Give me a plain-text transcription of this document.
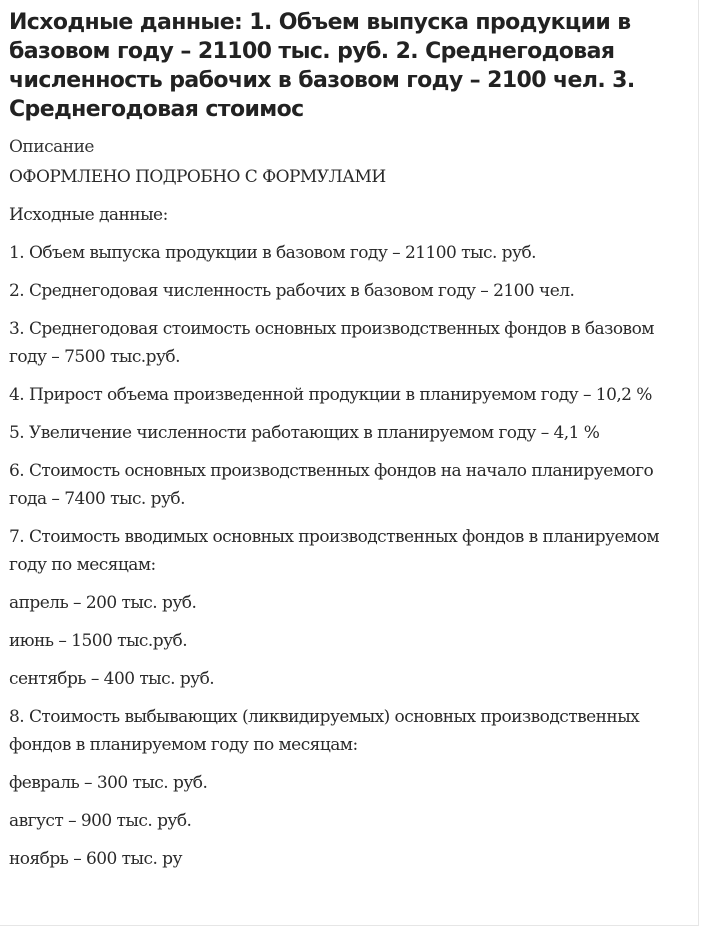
Исходные данные: 1. Объем выпуска продукции в базовом году – 21100 тыс. руб. 2. Среднегодовая численность рабочих в базовом году – 2100 чел. 3. Среднегодовая стоимос
Описание

ОФОРМЛЕНО ПОДРОБНО С ФОРМУЛАМИ

Исходные данные:

1. Объем выпуска продукции в базовом году – 21100 тыс. руб.

2. Среднегодовая численность рабочих в базовом году – 2100 чел.

3. Среднегодовая стоимость основных производственных фондов в базовом году – 7500 тыс.руб.

4. Прирост объема произведенной продукции в планируемом году – 10,2 %

5. Увеличение численности работающих в планируемом году – 4,1 %

6. Стоимость основных производственных фондов на начало планируемого года – 7400 тыс. руб.

7. Стоимость вводимых основных производственных фондов в планируемом году по месяцам:

апрель – 200 тыс. руб.

июнь – 1500 тыс.руб.

сентябрь – 400 тыс. руб.

8. Стоимость выбывающих (ликвидируемых) основных производственных фондов в планируемом году по месяцам:

февраль – 300 тыс. руб.

август – 900 тыс. руб.

ноябрь – 600 тыс. ру
